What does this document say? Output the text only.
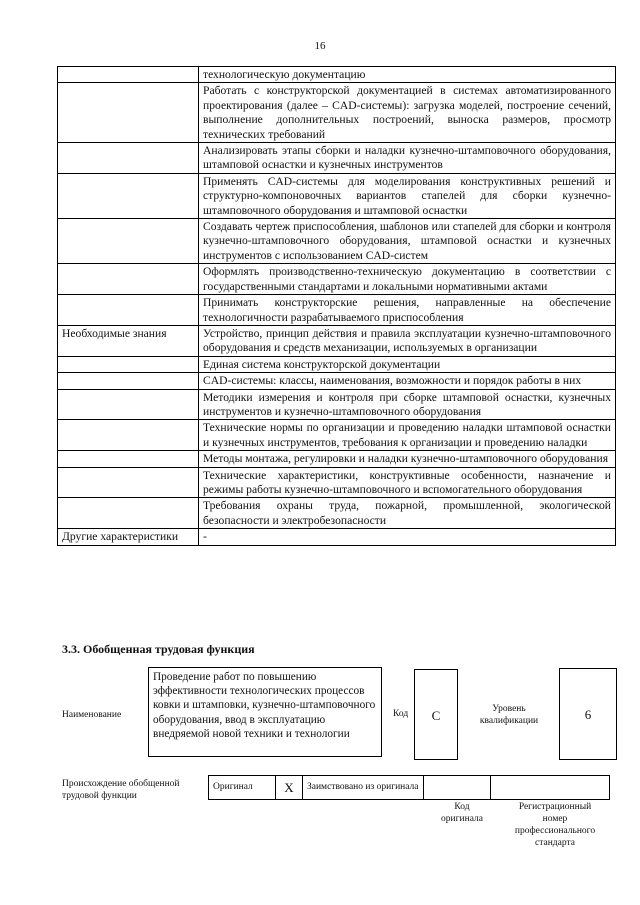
16
	технологическую документацию
	Работать с конструкторской документацией в системах автоматизированного проектирования (далее – CAD-системы): загрузка моделей, построение сечений, выполнение дополнительных построений, выноска размеров, просмотр технических требований
	Анализировать этапы сборки и наладки кузнечно-штамповочного оборудования, штамповой оснастки и кузнечных инструментов
	Применять CAD-системы для моделирования конструктивных решений и структурно-компоновочных вариантов стапелей для сборки кузнечно-штамповочного оборудования и штамповой оснастки
	Создавать чертеж приспособления, шаблонов или стапелей для сборки и контроля кузнечно-штамповочного оборудования, штамповой оснастки и кузнечных инструментов с использованием CAD-систем
	Оформлять производственно-техническую документацию в соответствии с государственными стандартами и локальными нормативными актами
	Принимать конструкторские решения, направленные на обеспечение технологичности разрабатываемого приспособления
Необходимые знания	Устройство, принцип действия и правила эксплуатации кузнечно-штамповочного оборудования и средств механизации, используемых в организации
	Единая система конструкторской документации
	CAD-системы: классы, наименования, возможности и порядок работы в них
	Методики измерения и контроля при сборке штамповой оснастки, кузнечных инструментов и кузнечно-штамповочного оборудования
	Технические нормы по организации и проведению наладки штамповой оснастки и кузнечных инструментов, требования к организации и проведению наладки
	Методы монтажа, регулировки и наладки кузнечно-штамповочного оборудования
	Технические характеристики, конструктивные особенности, назначение и режимы работы кузнечно-штамповочного и вспомогательного оборудования
	Требования охраны труда, пожарной, промышленной, экологической безопасности и электробезопасности
Другие характеристики	-
3.3. Обобщенная трудовая функция
Наименование
Проведение работ по повышению эффективности технологических процессов ковки и штамповки, кузнечно-штамповочного оборудования, ввод в эксплуатацию внедряемой новой техники и технологии
Код	С	Уровень квалификации	6
Происхождение обобщенной трудовой функции
Оригинал	X	Заимствовано из оригинала		
Код оригинала
Регистрационный номер профессионального стандарта
